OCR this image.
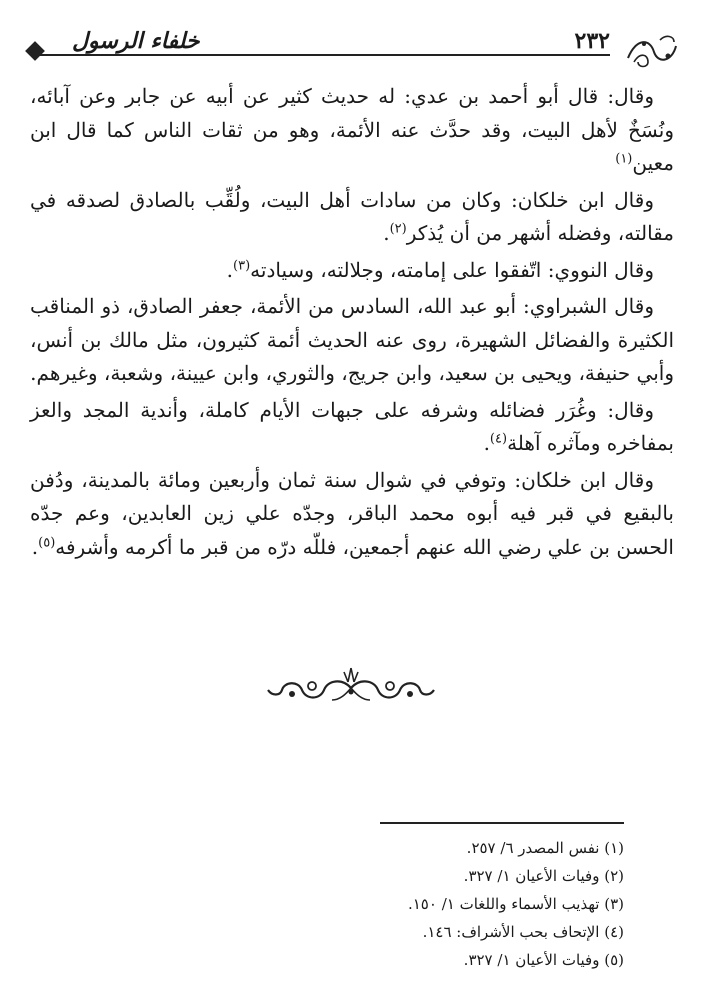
خلفاء الرسول	٢٣٢

وقال: قال أبو أحمد بن عدي: له حديث كثير عن أبيه عن جابر وعن آبائه، ونُسَخٌ لأهل البيت، وقد حدَّث عنه الأئمة، وهو من ثقات الناس كما قال ابن معين$^{(١)}$

وقال ابن خلكان: وكان من سادات أهل البيت، ولُقِّب بالصادق لصدقه في مقالته، وفضله أشهر من أن يُذكر$^{(٢)}$.

وقال النووي: اتّفقوا على إمامته، وجلالته، وسيادته$^{(٣)}$.

وقال الشبراوي: أبو عبد الله، السادس من الأئمة، جعفر الصادق، ذو المناقب الكثيرة والفضائل الشهيرة، روى عنه الحديث أئمة كثيرون، مثل مالك بن أنس، وأبي حنيفة، ويحيى بن سعيد، وابن جريج، والثوري، وابن عيينة، وشعبة، وغيرهم.

وقال: وغُرَر فضائله وشرفه على جبهات الأيام كاملة، وأندية المجد والعز بمفاخره ومآثره آهلة$^{(٤)}$.

وقال ابن خلكان: وتوفي في شوال سنة ثمان وأربعين ومائة بالمدينة، ودُفن بالبقيع في قبر فيه أبوه محمد الباقر، وجدّه علي زين العابدين، وعم جدّه الحسن بن علي رضي الله عنهم أجمعين، فللّه درّه من قبر ما أكرمه وأشرفه$^{(٥)}$.

(١) نفس المصدر ٦/ ٢٥٧.
(٢) وفيات الأعيان ١/ ٣٢٧.
(٣) تهذيب الأسماء واللغات ١/ ١٥٠.
(٤) الإتحاف بحب الأشراف: ١٤٦.
(٥) وفيات الأعيان ١/ ٣٢٧.
